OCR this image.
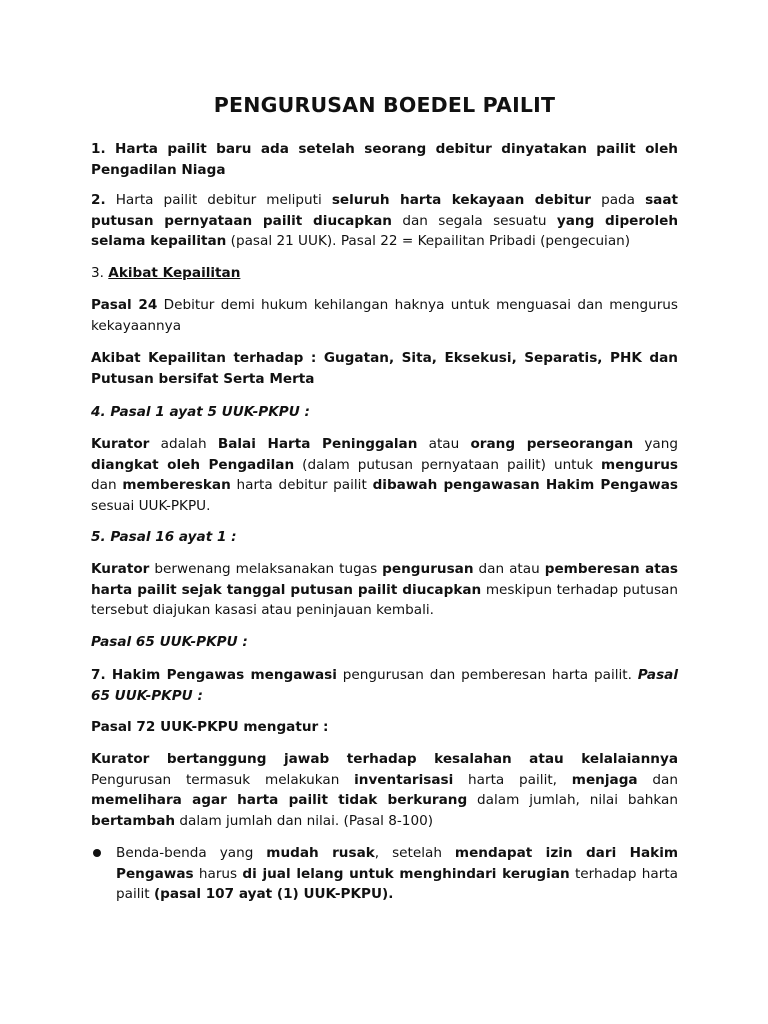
PENGURUSAN BOEDEL PAILIT

1. Harta pailit baru ada setelah seorang debitur dinyatakan pailit oleh Pengadilan Niaga

2. Harta pailit debitur meliputi seluruh harta kekayaan debitur pada saat putusan pernyataan pailit diucapkan dan segala sesuatu yang diperoleh selama kepailitan (pasal 21 UUK). Pasal 22 = Kepailitan Pribadi (pengecuian)

3. Akibat Kepailitan

Pasal 24 Debitur demi hukum kehilangan haknya untuk menguasai dan mengurus kekayaannya

Akibat Kepailitan terhadap : Gugatan, Sita, Eksekusi, Separatis, PHK dan Putusan bersifat Serta Merta

4. Pasal 1 ayat 5 UUK-PKPU :

Kurator adalah Balai Harta Peninggalan atau orang perseorangan yang diangkat oleh Pengadilan (dalam putusan pernyataan pailit) untuk mengurus dan membereskan harta debitur pailit dibawah pengawasan Hakim Pengawas sesuai UUK-PKPU.

5. Pasal 16 ayat 1 :

Kurator berwenang melaksanakan tugas pengurusan dan atau pemberesan atas harta pailit sejak tanggal putusan pailit diucapkan meskipun terhadap putusan tersebut diajukan kasasi atau peninjauan kembali.

Pasal 65 UUK-PKPU :

7. Hakim Pengawas mengawasi pengurusan dan pemberesan harta pailit. Pasal 65 UUK-PKPU :

Pasal 72 UUK-PKPU mengatur :

Kurator bertanggung jawab terhadap kesalahan atau kelalaiannya Pengurusan termasuk melakukan inventarisasi harta pailit, menjaga dan memelihara agar harta pailit tidak berkurang dalam jumlah, nilai bahkan bertambah dalam jumlah dan nilai. (Pasal 8-100)

Benda-benda yang mudah rusak, setelah mendapat izin dari Hakim Pengawas harus di jual lelang untuk menghindari kerugian terhadap harta pailit (pasal 107 ayat (1) UUK-PKPU).
